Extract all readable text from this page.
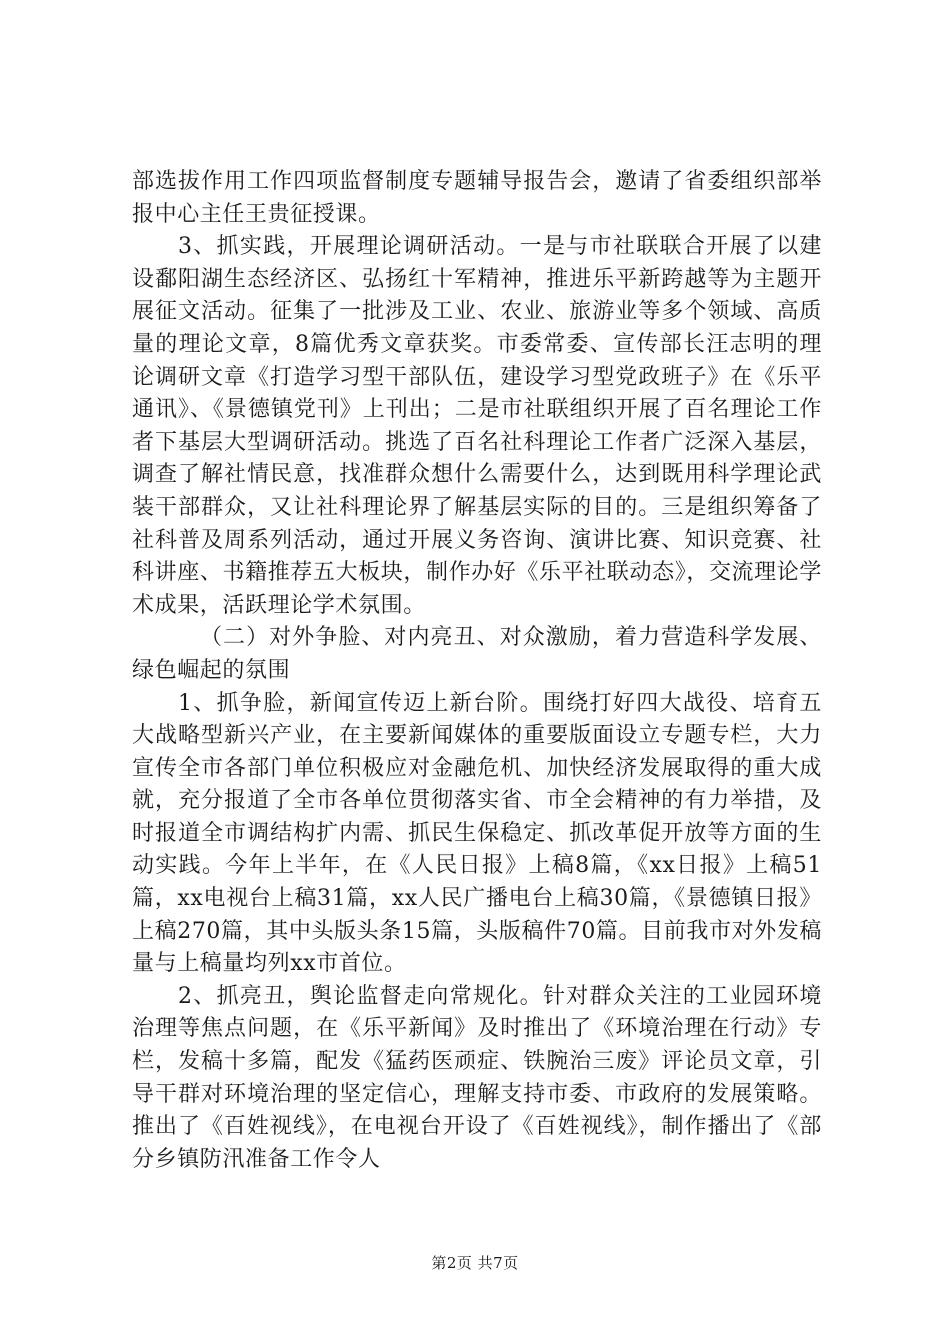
部选拔作用工作四项监督制度专题辅导报告会，邀请了省委组织部举报中心主任王贵征授课。

3、抓实践，开展理论调研活动。一是与市社联联合开展了以建设鄱阳湖生态经济区、弘扬红十军精神，推进乐平新跨越等为主题开展征文活动。征集了一批涉及工业、农业、旅游业等多个领域、高质量的理论文章，8篇优秀文章获奖。市委常委、宣传部长汪志明的理论调研文章《打造学习型干部队伍，建设学习型党政班子》在《乐平通讯》、《景德镇党刊》上刊出；二是市社联组织开展了百名理论工作者下基层大型调研活动。挑选了百名社科理论工作者广泛深入基层，调查了解社情民意，找准群众想什么需要什么，达到既用科学理论武装干部群众，又让社科理论界了解基层实际的目的。三是组织筹备了社科普及周系列活动，通过开展义务咨询、演讲比赛、知识竞赛、社科讲座、书籍推荐五大板块，制作办好《乐平社联动态》，交流理论学术成果，活跃理论学术氛围。

（二）对外争脸、对内亮丑、对众激励，着力营造科学发展、绿色崛起的氛围

1、抓争脸，新闻宣传迈上新台阶。围绕打好四大战役、培育五大战略型新兴产业，在主要新闻媒体的重要版面设立专题专栏，大力宣传全市各部门单位积极应对金融危机、加快经济发展取得的重大成就，充分报道了全市各单位贯彻落实省、市全会精神的有力举措，及时报道全市调结构扩内需、抓民生保稳定、抓改革促开放等方面的生动实践。今年上半年，在《人民日报》上稿8篇，《xx日报》上稿51篇，xx电视台上稿31篇，xx人民广播电台上稿30篇，《景德镇日报》上稿270篇，其中头版头条15篇，头版稿件70篇。目前我市对外发稿量与上稿量均列xx市首位。

2、抓亮丑，舆论监督走向常规化。针对群众关注的工业园环境治理等焦点问题，在《乐平新闻》及时推出了《环境治理在行动》专栏，发稿十多篇，配发《猛药医顽症、铁腕治三废》评论员文章，引导干群对环境治理的坚定信心，理解支持市委、市政府的发展策略。推出了《百姓视线》，在电视台开设了《百姓视线》，制作播出了《部分乡镇防汛准备工作令人

第2页 共7页
